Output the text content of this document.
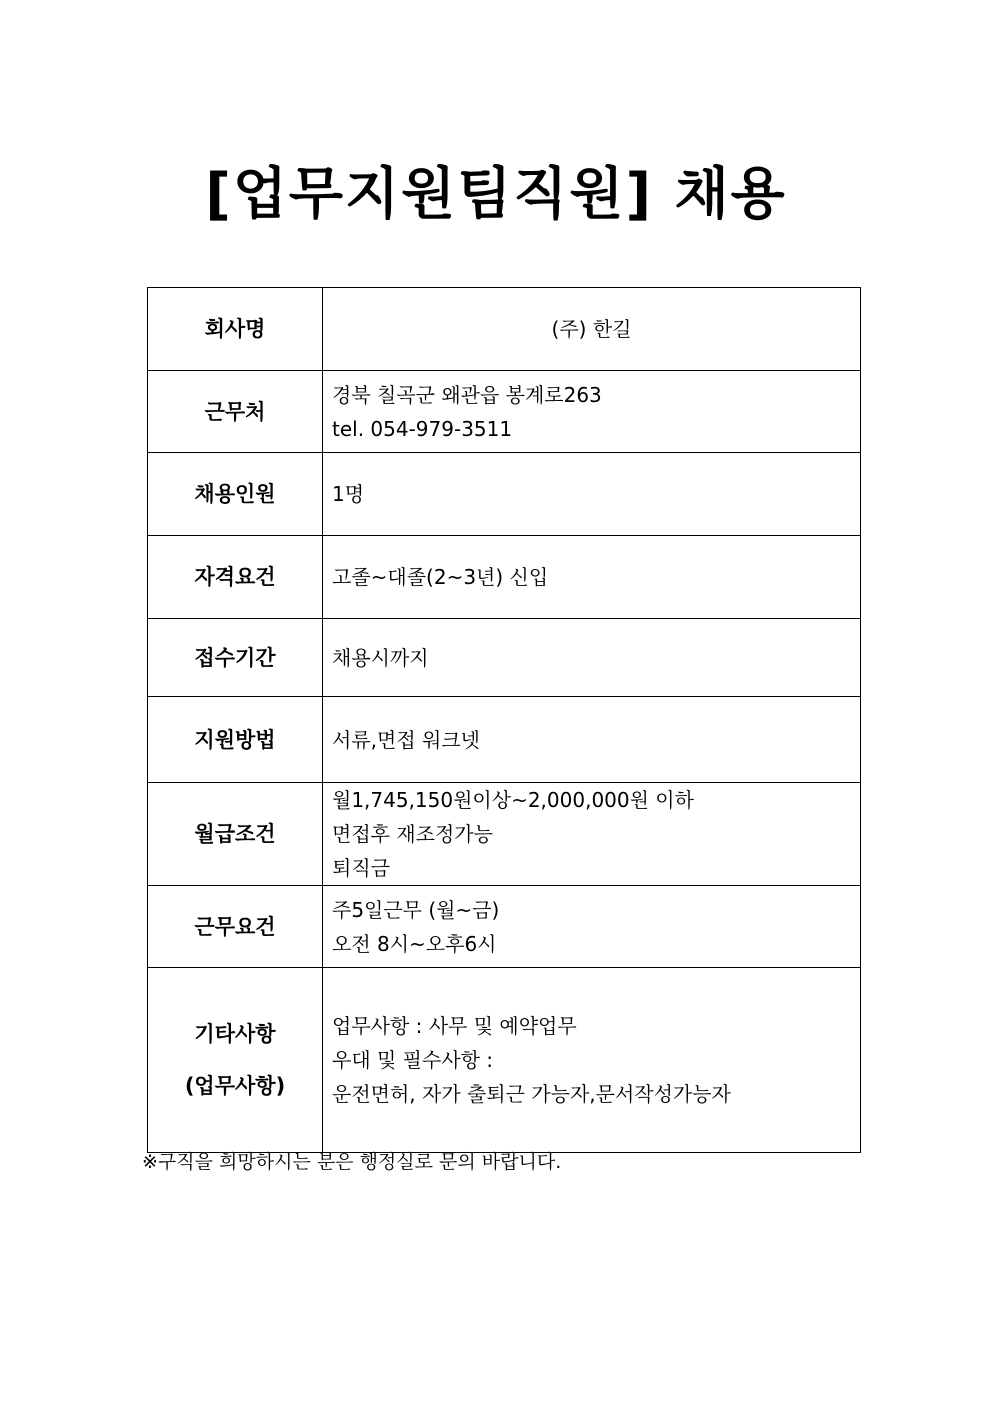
[업무지원팀직원] 채용
회사명	(주) 한길

근무처	경북 칠곡군 왜관읍 봉계로263
tel. 054-979-3511

채용인원	1명

자격요건	고졸~대졸(2~3년) 신입

접수기간	채용시까지

지원방법	서류,면접 워크넷

월급조건	월1,745,150원이상~2,000,000원 이하
면접후 재조정가능
퇴직금

근무요건	주5일근무 (월~금)
오전 8시~오후6시

기타사항
(업무사항)	업무사항 : 사무 및 예약업무
우대 및 필수사항 :
운전면허, 자가 출퇴근 가능자,문서작성가능자
※구직을 희망하시는 분은 행정실로 문의 바랍니다.
